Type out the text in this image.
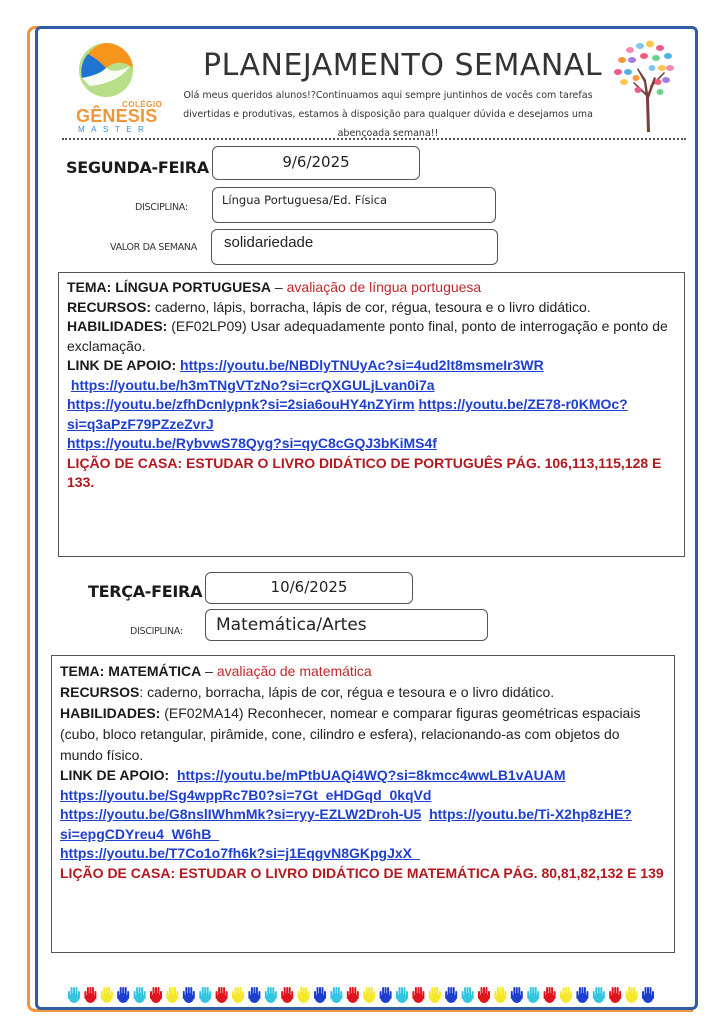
COLÉGIO
GÊNESIS
MASTER
PLANEJAMENTO SEMANAL
Olá meus queridos alunos!?Continuamos aqui sempre juntinhos de vocês com tarefas divertidas e produtivas, estamos à disposição para qualquer dúvida e desejamos uma abençoada semana!!
SEGUNDA-FEIRA	9/6/2025
DISCIPLINA:
Língua Portuguesa/Ed. Física
VALOR DA SEMANA	solidariedade
TEMA: LÍNGUA PORTUGUESA – avaliação de língua portuguesa
RECURSOS: caderno, lápis, borracha, lápis de cor, régua, tesoura e o livro didático.
HABILIDADES: (EF02LP09) Usar adequadamente ponto final, ponto de interrogação e ponto de exclamação.
LINK DE APOIO: https://youtu.be/NBDlyTNUyAc?si=4ud2lt8msmeIr3WR
https://youtu.be/h3mTNgVTzNo?si=crQXGULjLvan0i7a
https://youtu.be/zfhDcnIypnk?si=2sia6ouHY4nZYirm https://youtu.be/ZE78-r0KMOc?si=q3aPzF79PZzeZvrJ
https://youtu.be/RybvwS78Qyg?si=qyC8cGQJ3bKiMS4f
LIÇÃO DE CASA: ESTUDAR O LIVRO DIDÁTICO DE PORTUGUÊS PÁG. 106,113,115,128 E 133.
TERÇA-FEIRA	10/6/2025
DISCIPLINA:	Matemática/Artes
TEMA: MATEMÁTICA – avaliação de matemática
RECURSOS: caderno, borracha, lápis de cor, régua e tesoura e o livro didático.
HABILIDADES: (EF02MA14) Reconhecer, nomear e comparar figuras geométricas espaciais (cubo, bloco retangular, pirâmide, cone, cilindro e esfera), relacionando-as com objetos do mundo físico.
LINK DE APOIO: https://youtu.be/mPtbUAQi4WQ?si=8kmcc4wwLB1vAUAM
https://youtu.be/Sg4wppRc7B0?si=7Gt_eHDGqd_0kqVd
https://youtu.be/G8nslIWhmMk?si=ryy-EZLW2Droh-U5 https://youtu.be/Ti-X2hp8zHE?si=epgCDYreu4_W6hB_
https://youtu.be/T7Co1o7fh6k?si=j1EqgvN8GKpgJxX_
LIÇÃO DE CASA: ESTUDAR O LIVRO DIDÁTICO DE MATEMÁTICA PÁG. 80,81,82,132 E 139
